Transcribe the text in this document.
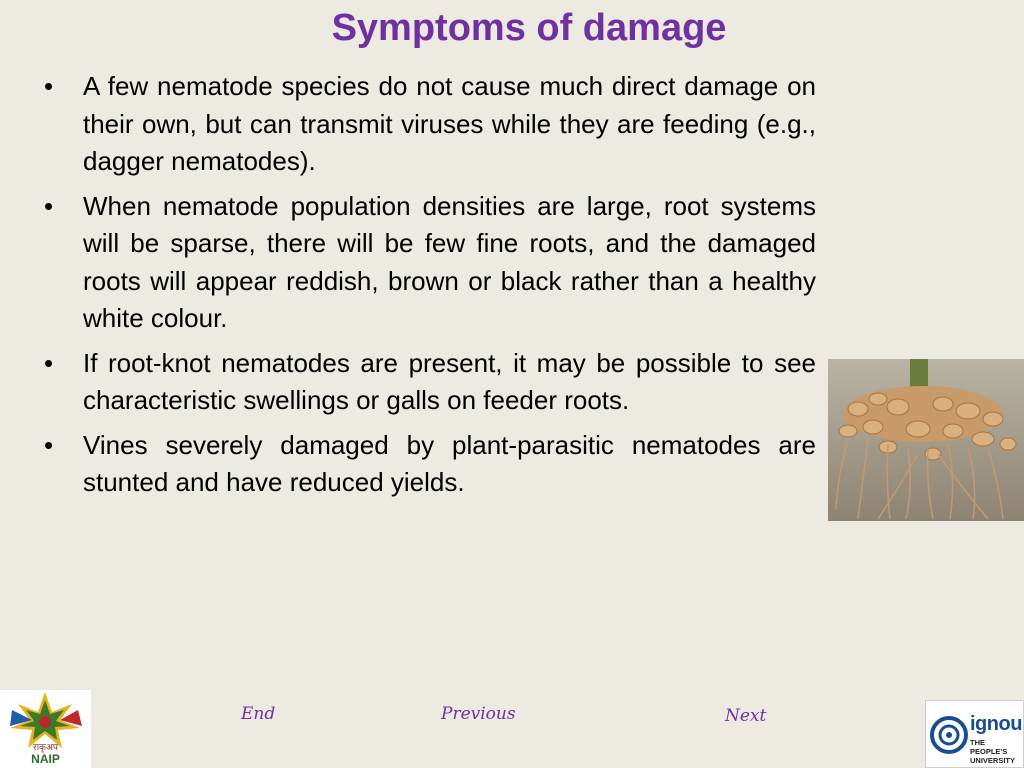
Symptoms of damage
• A few nematode species do not cause much direct damage on their own, but can transmit viruses while they are feeding (e.g., dagger nematodes).
• When nematode population densities are large, root systems will be sparse, there will be few fine roots, and the damaged roots will appear reddish, brown or black rather than a healthy white colour.
• If root-knot nematodes are present, it may be possible to see characteristic swellings or galls on feeder roots.
• Vines severely damaged by plant-parasitic nematodes are stunted and have reduced yields.
End	Previous	Next
राकृअप
NAIP
ignou
THE PEOPLE'S
UNIVERSITY
